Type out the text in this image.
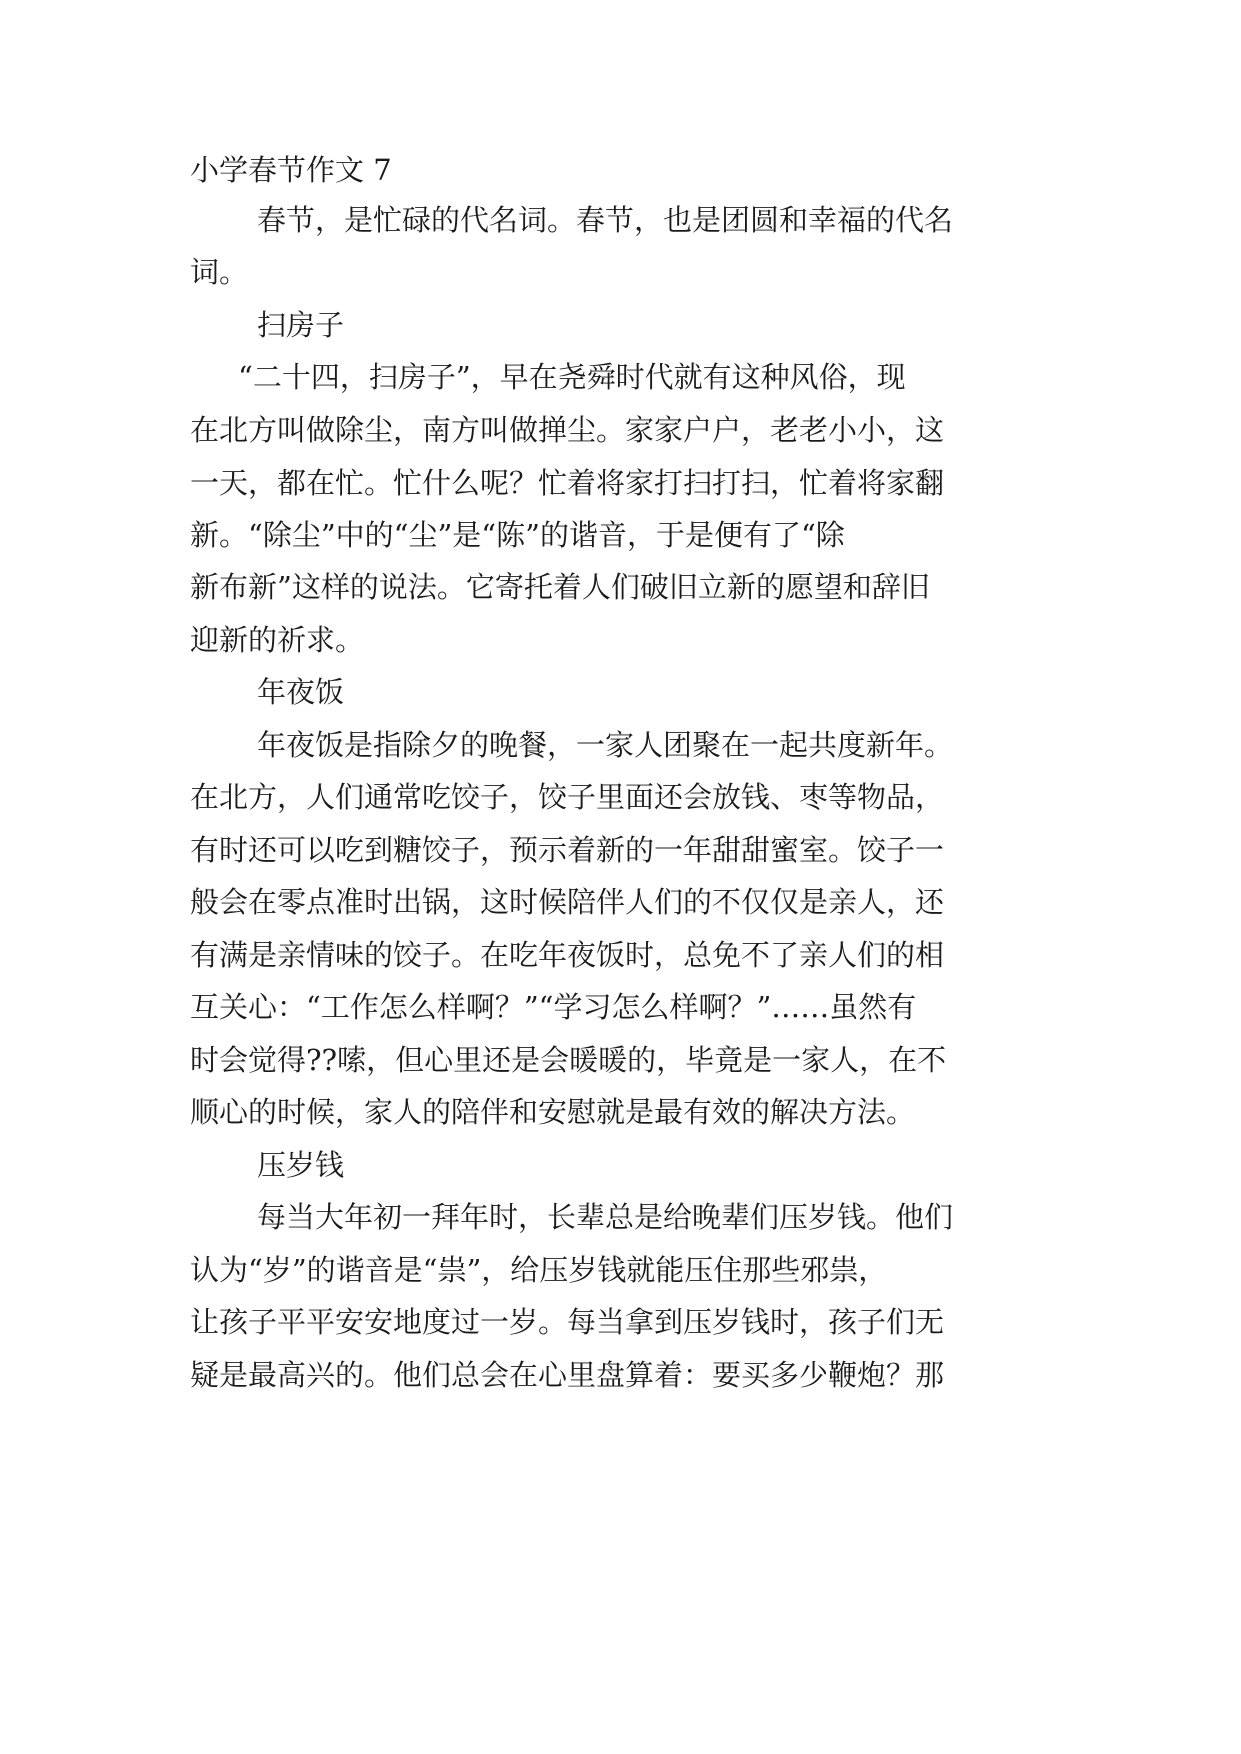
小学春节作文 7
春节，是忙碌的代名词。春节，也是团圆和幸福的代名
词。
扫房子
“二十四，扫房子”，早在尧舜时代就有这种风俗，现
在北方叫做除尘，南方叫做掸尘。家家户户，老老小小，这
一天，都在忙。忙什么呢？忙着将家打扫打扫，忙着将家翻
新。“除尘”中的“尘”是“陈”的谐音，于是便有了“除
新布新”这样的说法。它寄托着人们破旧立新的愿望和辞旧
迎新的祈求。
年夜饭
年夜饭是指除夕的晚餐，一家人团聚在一起共度新年。
在北方，人们通常吃饺子，饺子里面还会放钱、枣等物品，
有时还可以吃到糖饺子，预示着新的一年甜甜蜜室。饺子一
般会在零点准时出锅，这时候陪伴人们的不仅仅是亲人，还
有满是亲情味的饺子。在吃年夜饭时，总免不了亲人们的相
互关心：“工作怎么样啊？”“学习怎么样啊？”……虽然有
时会觉得??嗦，但心里还是会暖暖的，毕竟是一家人，在不
顺心的时候，家人的陪伴和安慰就是最有效的解决方法。
压岁钱
每当大年初一拜年时，长辈总是给晚辈们压岁钱。他们
认为“岁”的谐音是“祟”，给压岁钱就能压住那些邪祟，
让孩子平平安安地度过一岁。每当拿到压岁钱时，孩子们无
疑是最高兴的。他们总会在心里盘算着：要买多少鞭炮？那
